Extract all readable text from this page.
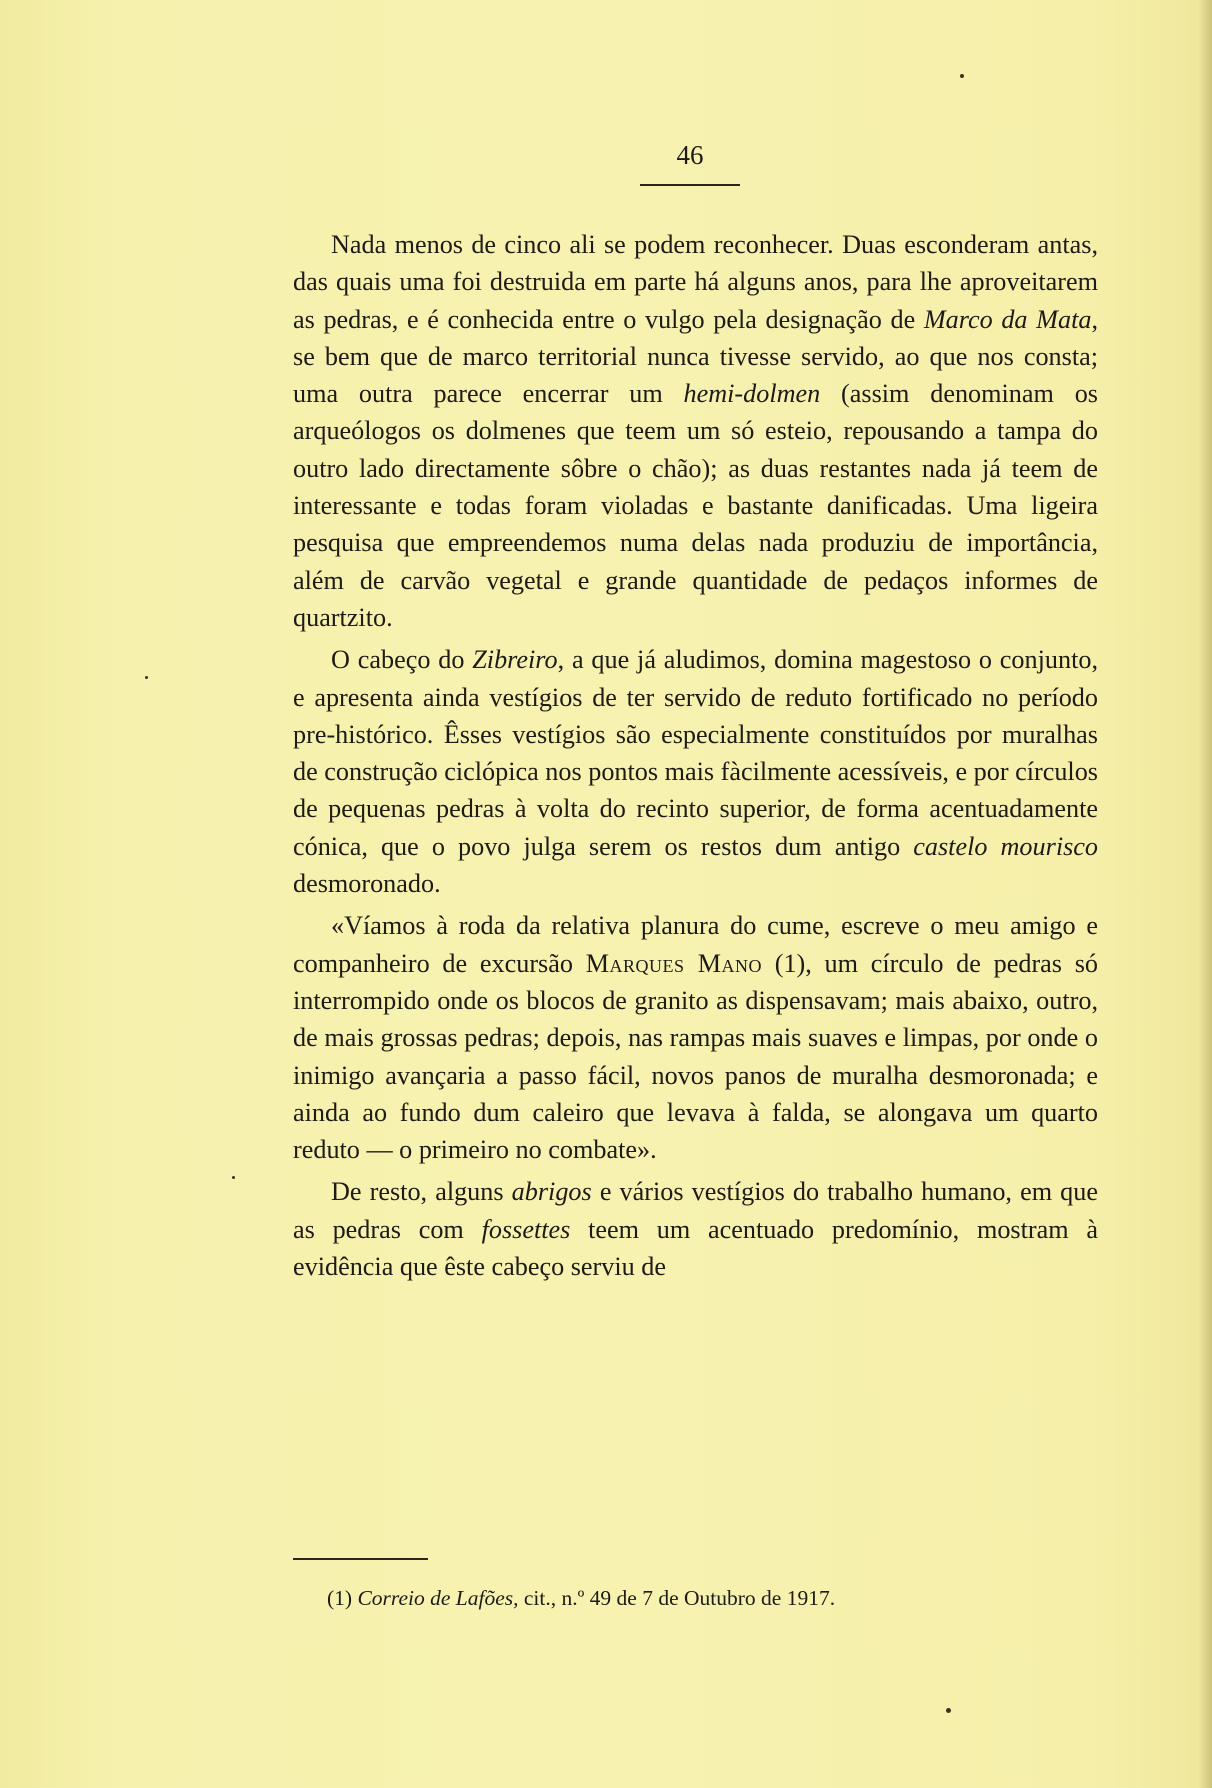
46

Nada menos de cinco ali se podem reconhecer. Duas esconderam antas, das quais uma foi destruida em parte há alguns anos, para lhe aproveitarem as pedras, e é conhecida entre o vulgo pela designação de Marco da Mata, se bem que de marco territorial nunca tivesse servido, ao que nos consta; uma outra parece encerrar um hemi-dolmen (assim denominam os arqueólogos os dolmenes que teem um só esteio, repousando a tampa do outro lado directamente sôbre o chão); as duas restantes nada já teem de interessante e todas foram violadas e bastante danificadas. Uma ligeira pesquisa que empreendemos numa delas nada produziu de importância, além de carvão vegetal e grande quantidade de pedaços informes de quartzito.

O cabeço do Zibreiro, a que já aludimos, domina magestoso o conjunto, e apresenta ainda vestígios de ter servido de reduto fortificado no período pre-histórico. Êsses vestígios são especialmente constituídos por muralhas de construção ciclópica nos pontos mais fàcilmente acessíveis, e por círculos de pequenas pedras à volta do recinto superior, de forma acentuadamente cónica, que o povo julga serem os restos dum antigo castelo mourisco desmoronado.

«Víamos à roda da relativa planura do cume, escreve o meu amigo e companheiro de excursão Marques Mano (1), um círculo de pedras só interrompido onde os blocos de granito as dispensavam; mais abaixo, outro, de mais grossas pedras; depois, nas rampas mais suaves e limpas, por onde o inimigo avançaria a passo fácil, novos panos de muralha desmoronada; e ainda ao fundo dum caleiro que levava à falda, se alongava um quarto reduto — o primeiro no combate».

De resto, alguns abrigos e vários vestígios do trabalho humano, em que as pedras com fossettes teem um acentuado predomínio, mostram à evidência que êste cabeço serviu de

(1) Correio de Lafões, cit., n.º 49 de 7 de Outubro de 1917.
